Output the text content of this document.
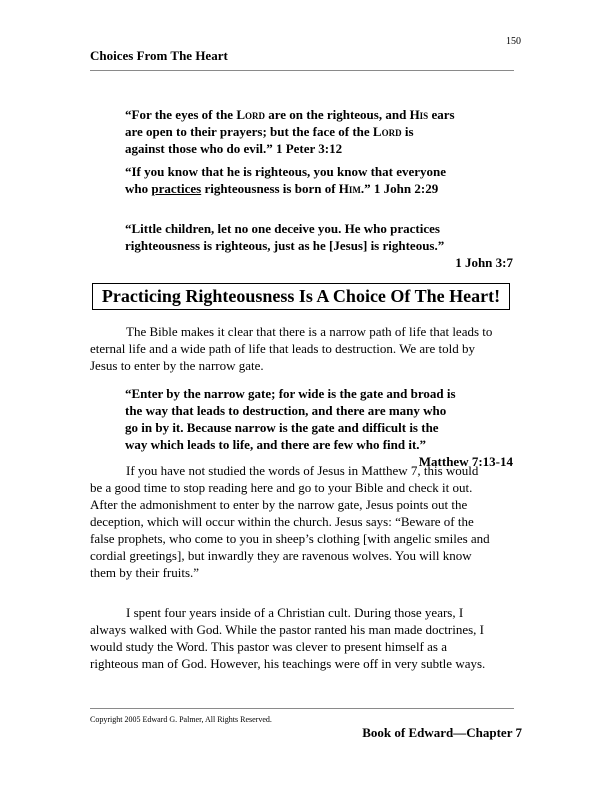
150
Choices From The Heart
“For the eyes of the Lord are on the righteous, and His ears
are open to their prayers; but the face of the Lord is
against those who do evil.” 1 Peter 3:12
“If you know that he is righteous, you know that everyone
who practices righteousness is born of Him.” 1 John 2:29
“Little children, let no one deceive you. He who practices
righteousness is righteous, just as he [Jesus] is righteous.”
1 John 3:7
Practicing Righteousness Is A Choice Of The Heart!
The Bible makes it clear that there is a narrow path of life that leads to
eternal life and a wide path of life that leads to destruction. We are told by
Jesus to enter by the narrow gate.
“Enter by the narrow gate; for wide is the gate and broad is
the way that leads to destruction, and there are many who
go in by it. Because narrow is the gate and difficult is the
way which leads to life, and there are few who find it.”
Matthew 7:13-14
If you have not studied the words of Jesus in Matthew 7, this would
be a good time to stop reading here and go to your Bible and check it out.
After the admonishment to enter by the narrow gate, Jesus points out the
deception, which will occur within the church. Jesus says: “Beware of the
false prophets, who come to you in sheep’s clothing [with angelic smiles and
cordial greetings], but inwardly they are ravenous wolves. You will know
them by their fruits.”
I spent four years inside of a Christian cult. During those years, I
always walked with God. While the pastor ranted his man made doctrines, I
would study the Word. This pastor was clever to present himself as a
righteous man of God. However, his teachings were off in very subtle ways.
Copyright 2005 Edward G. Palmer, All Rights Reserved.
Book of Edward—Chapter 7
